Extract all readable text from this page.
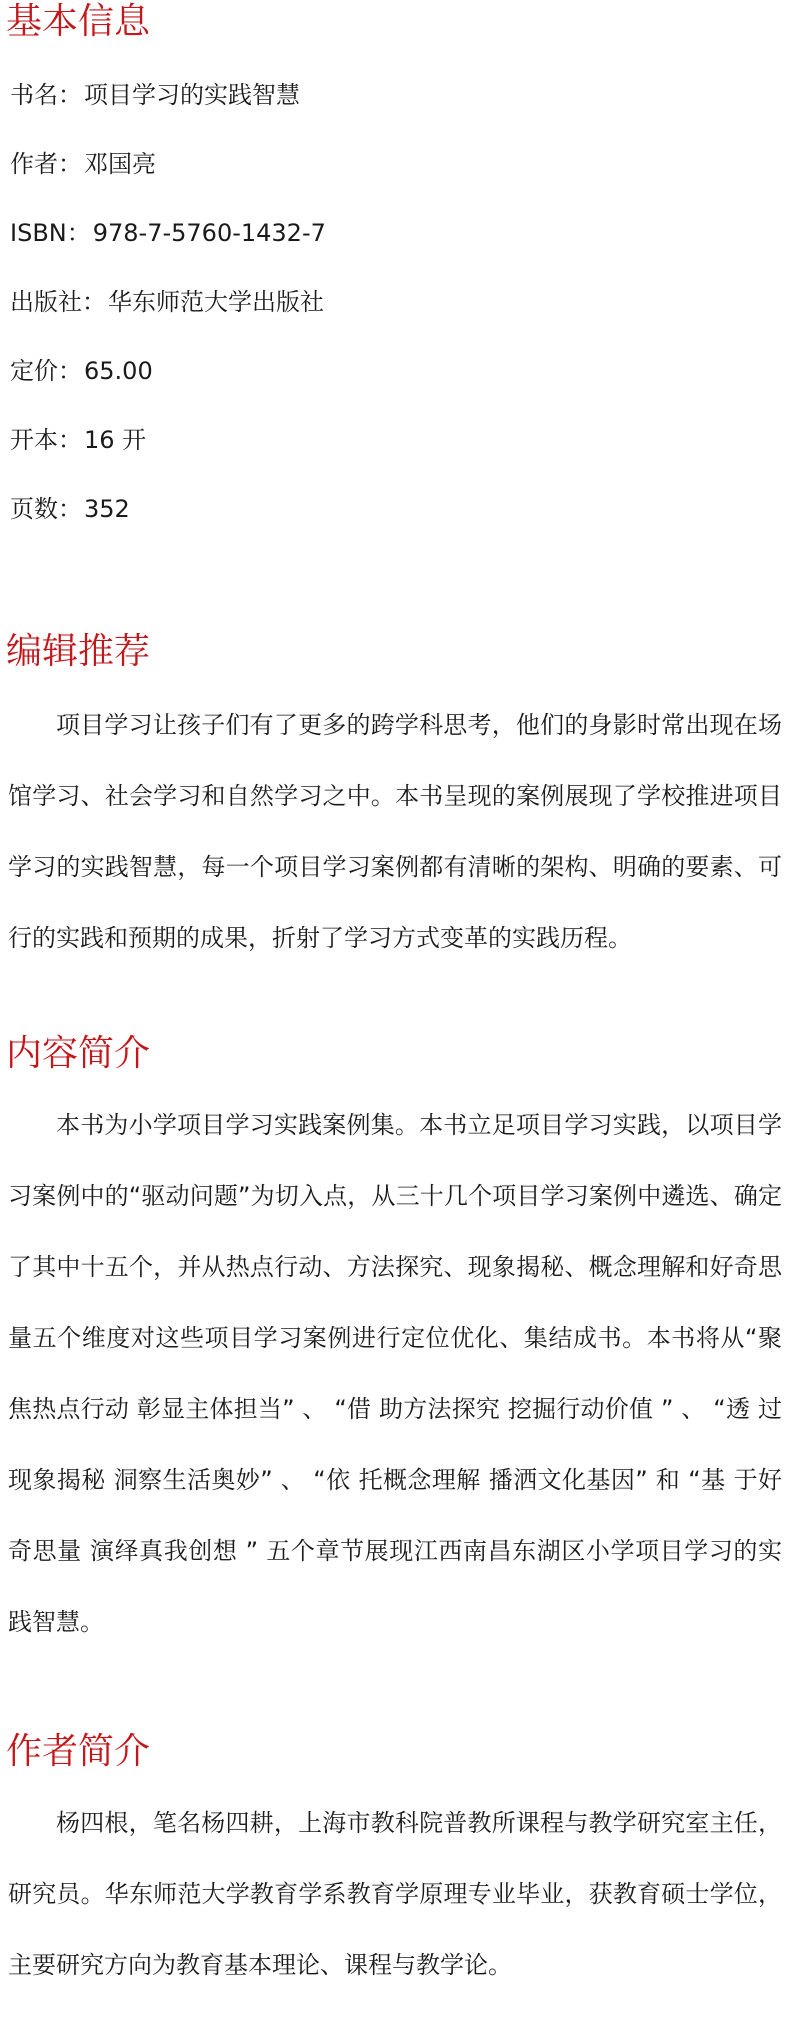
基本信息
书名：项目学习的实践智慧
作者：邓国亮
ISBN：978-7-5760-1432-7
出版社：华东师范大学出版社
定价：65.00
开本：16 开
页数：352
编辑推荐

项目学习让孩子们有了更多的跨学科思考，他们的身影时常出现在场馆学习、社会学习和自然学习之中。本书呈现的案例展现了学校推进项目学习的实践智慧，每一个项目学习案例都有清晰的架构、明确的要素、可行的实践和预期的成果，折射了学习方式变革的实践历程。

内容简介

本书为小学项目学习实践案例集。本书立足项目学习实践，以项目学习案例中的“驱动问题”为切入点，从三十几个项目学习案例中遴选、确定了其中十五个，并从热点行动、方法探究、现象揭秘、概念理解和好奇思量五个维度对这些项目学习案例进行定位优化、集结成书。本书将从“聚焦热点行动 彰显主体担当” 、 “借 助方法探究 挖掘行动价值 ” 、 “透 过现象揭秘 洞察生活奥妙” 、 “依 托概念理解 播洒文化基因” 和 “基 于好奇思量 演绎真我创想 ” 五个章节展现江西南昌东湖区小学项目学习的实践智慧。

作者简介

杨四根，笔名杨四耕，上海市教科院普教所课程与教学研究室主任，研究员。华东师范大学教育学系教育学原理专业毕业，获教育硕士学位，主要研究方向为教育基本理论、课程与教学论。
